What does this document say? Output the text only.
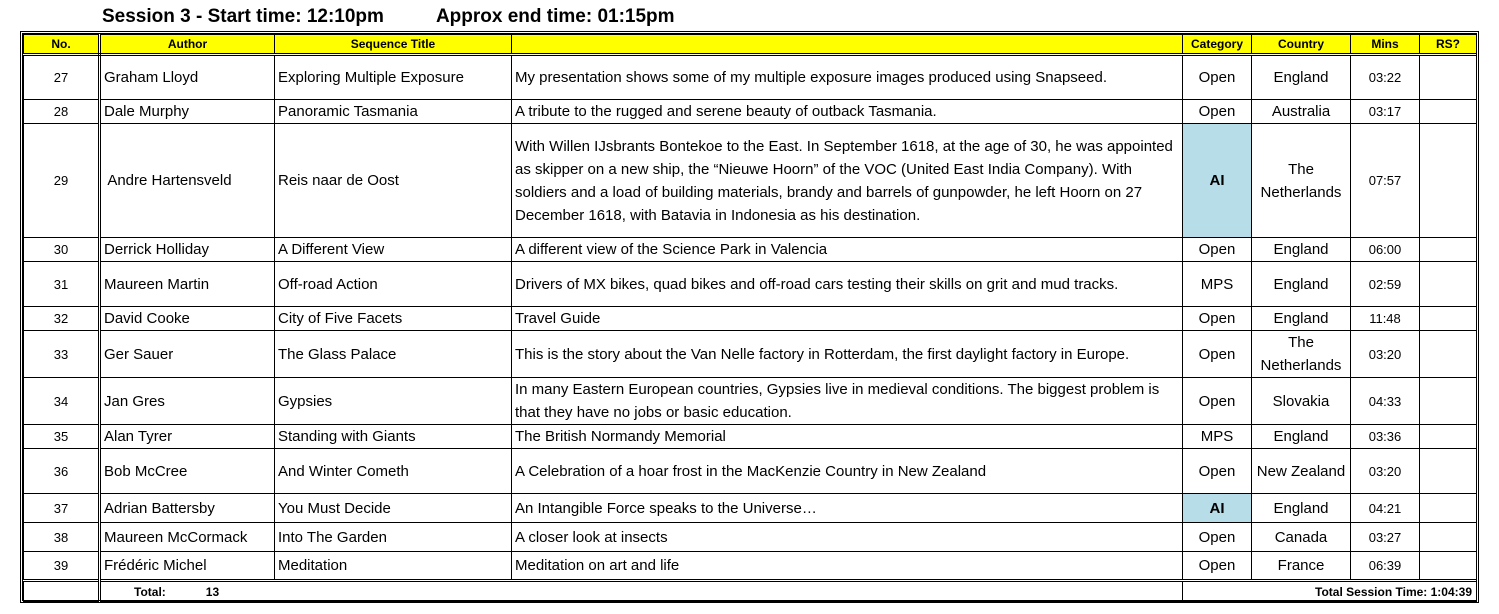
Session 3 - Start time: 12:10pm	Approx end time: 01:15pm
No.	Author	Sequence Title		Category	Country	Mins	RS?
27	Graham Lloyd	Exploring Multiple Exposure	My presentation shows some of my multiple exposure images produced using Snapseed.	Open	England	03:22	
28	Dale Murphy	Panoramic Tasmania	A tribute to the rugged and serene beauty of outback Tasmania.	Open	Australia	03:17	
29	Andre Hartensveld	Reis naar de Oost	With Willen IJsbrants Bontekoe to the East. In September 1618, at the age of 30, he was appointed as skipper on a new ship, the “Nieuwe Hoorn” of the VOC (United East India Company). With soldiers and a load of building materials, brandy and barrels of gunpowder, he left Hoorn on 27 December 1618, with Batavia in Indonesia as his destination.	AI	The Netherlands	07:57	
30	Derrick Holliday	A Different View	A different view of the Science Park in Valencia	Open	England	06:00	
31	Maureen Martin	Off-road Action	Drivers of MX bikes, quad bikes and off-road cars testing their skills on grit and mud tracks.	MPS	England	02:59	
32	David Cooke	City of Five Facets	Travel Guide	Open	England	11:48	
33	Ger Sauer	The Glass Palace	This is the story about the Van Nelle factory in Rotterdam, the first daylight factory in Europe.	Open	The Netherlands	03:20	
34	Jan Gres	Gypsies	In many Eastern European countries, Gypsies live in medieval conditions. The biggest problem is that they have no jobs or basic education.	Open	Slovakia	04:33	
35	Alan Tyrer	Standing with Giants	The British Normandy Memorial	MPS	England	03:36	
36	Bob McCree	And Winter Cometh	A Celebration of a hoar frost in the MacKenzie Country in New Zealand	Open	New Zealand	03:20	
37	Adrian Battersby	You Must Decide	An Intangible Force speaks to the Universe…	AI	England	04:21	
38	Maureen McCormack	Into The Garden	A closer look at insects	Open	Canada	03:27	
39	Frédéric Michel	Meditation	Meditation on art and life	Open	France	06:39	
	Total: 13			Total Session Time: 1:04:39			
